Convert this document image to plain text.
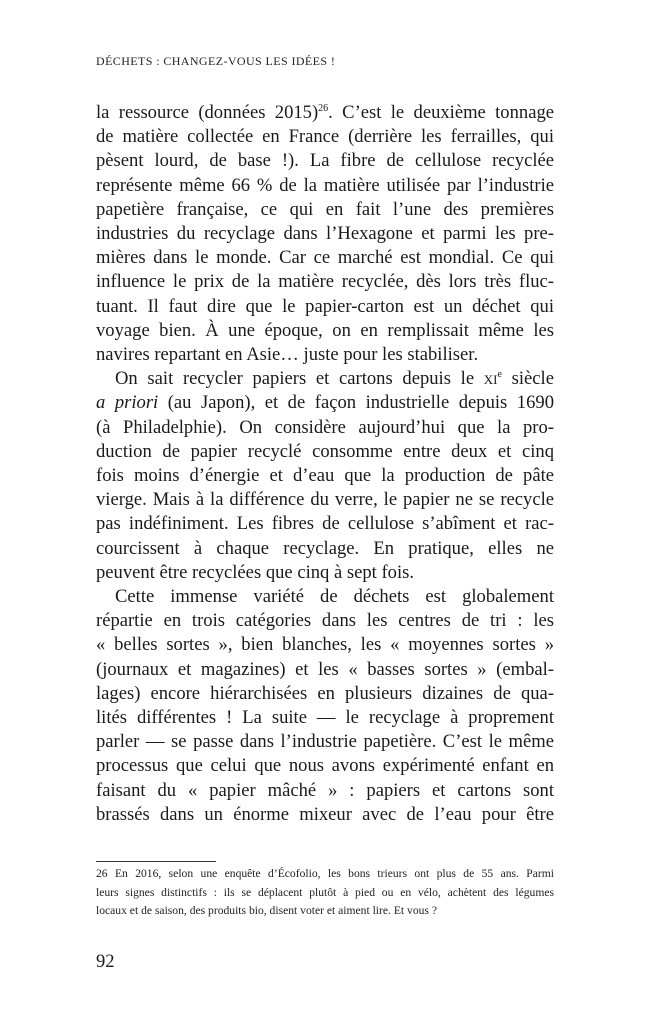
DÉCHETS : CHANGEZ-VOUS LES IDÉES !

la ressource (données 2015)$^{26}$. C’est le deuxième tonnage
de matière collectée en France (derrière les ferrailles, qui
pèsent lourd, de base !). La fibre de cellulose recyclée
représente même 66 % de la matière utilisée par l’industrie
papetière française, ce qui en fait l’une des premières
industries du recyclage dans l’Hexagone et parmi les pre-
mières dans le monde. Car ce marché est mondial. Ce qui
influence le prix de la matière recyclée, dès lors très fluc-
tuant. Il faut dire que le papier-carton est un déchet qui
voyage bien. À une époque, on en remplissait même les
navires repartant en Asie… juste pour les stabiliser.

On sait recycler papiers et cartons depuis le $xi^e$ siècle
a priori (au Japon), et de façon industrielle depuis 1690
(à Philadelphie). On considère aujourd’hui que la pro-
duction de papier recyclé consomme entre deux et cinq
fois moins d’énergie et d’eau que la production de pâte
vierge. Mais à la différence du verre, le papier ne se recycle
pas indéfiniment. Les fibres de cellulose s’abîment et rac-
courcissent à chaque recyclage. En pratique, elles ne
peuvent être recyclées que cinq à sept fois.

Cette immense variété de déchets est globalement
répartie en trois catégories dans les centres de tri : les
« belles sortes », bien blanches, les « moyennes sortes »
(journaux et magazines) et les « basses sortes » (embal-
lages) encore hiérarchisées en plusieurs dizaines de qua-
lités différentes ! La suite — le recyclage à proprement
parler — se passe dans l’industrie papetière. C’est le même
processus que celui que nous avons expérimenté enfant en
faisant du « papier mâché » : papiers et cartons sont
brassés dans un énorme mixeur avec de l’eau pour être

26 En 2016, selon une enquête d’Écofolio, les bons trieurs ont plus de 55 ans. Parmi
leurs signes distinctifs : ils se déplacent plutôt à pied ou en vélo, achètent des légumes
locaux et de saison, des produits bio, disent voter et aiment lire. Et vous ?
92
